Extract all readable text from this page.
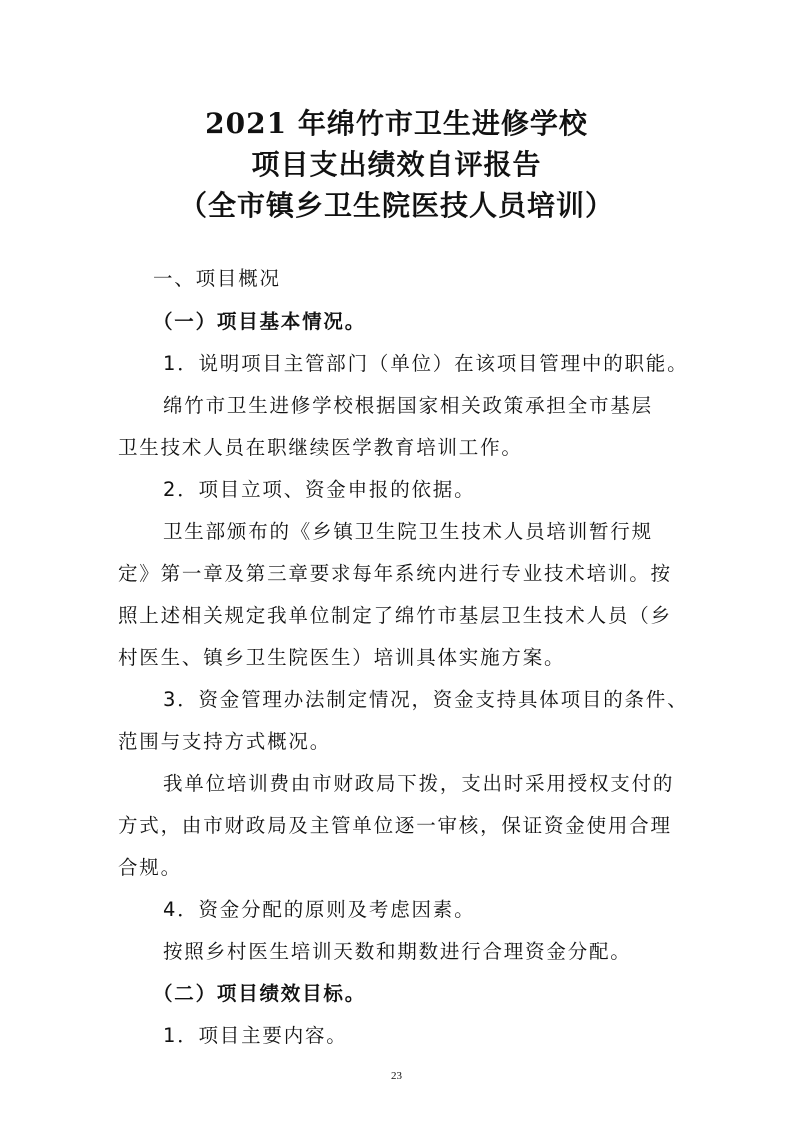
2021 年绵竹市卫生进修学校
项目支出绩效自评报告
（全市镇乡卫生院医技人员培训）
一、项目概况
（一）项目基本情况。
1．说明项目主管部门（单位）在该项目管理中的职能。
绵竹市卫生进修学校根据国家相关政策承担全市基层
卫生技术人员在职继续医学教育培训工作。
2．项目立项、资金申报的依据。
卫生部颁布的《乡镇卫生院卫生技术人员培训暂行规
定》第一章及第三章要求每年系统内进行专业技术培训。按
照上述相关规定我单位制定了绵竹市基层卫生技术人员（乡
村医生、镇乡卫生院医生）培训具体实施方案。
3．资金管理办法制定情况，资金支持具体项目的条件、
范围与支持方式概况。
我单位培训费由市财政局下拨，支出时采用授权支付的
方式，由市财政局及主管单位逐一审核，保证资金使用合理
合规。
4．资金分配的原则及考虑因素。
按照乡村医生培训天数和期数进行合理资金分配。
（二）项目绩效目标。
1．项目主要内容。
23
